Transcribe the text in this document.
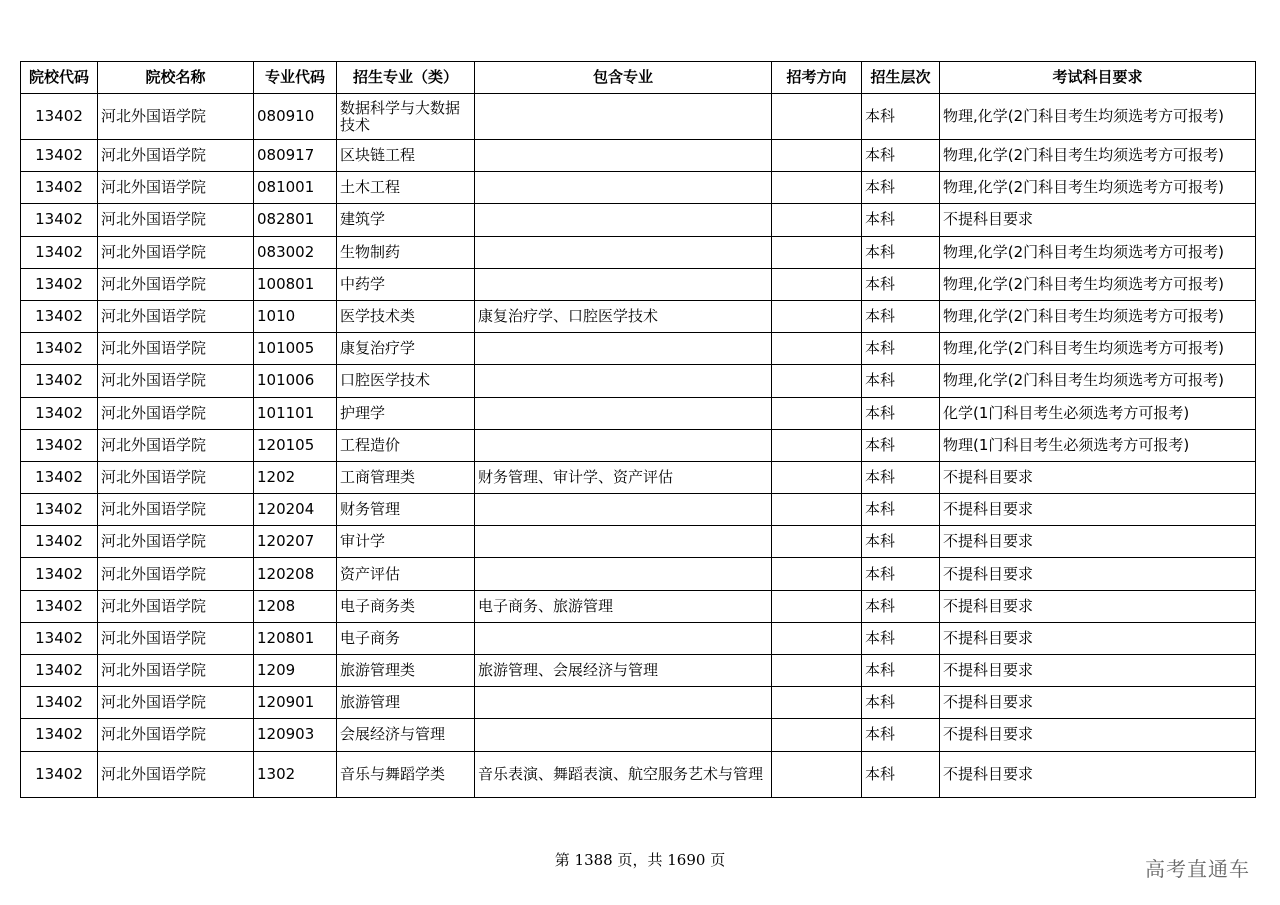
院校代码	院校名称	专业代码	招生专业（类）	包含专业	招考方向	招生层次	考试科目要求
13402	河北外国语学院	080910	数据科学与大数据技术			本科	物理,化学(2门科目考生均须选考方可报考)
13402	河北外国语学院	080917	区块链工程			本科	物理,化学(2门科目考生均须选考方可报考)
13402	河北外国语学院	081001	土木工程			本科	物理,化学(2门科目考生均须选考方可报考)
13402	河北外国语学院	082801	建筑学			本科	不提科目要求
13402	河北外国语学院	083002	生物制药			本科	物理,化学(2门科目考生均须选考方可报考)
13402	河北外国语学院	100801	中药学			本科	物理,化学(2门科目考生均须选考方可报考)
13402	河北外国语学院	1010	医学技术类	康复治疗学、口腔医学技术		本科	物理,化学(2门科目考生均须选考方可报考)
13402	河北外国语学院	101005	康复治疗学			本科	物理,化学(2门科目考生均须选考方可报考)
13402	河北外国语学院	101006	口腔医学技术			本科	物理,化学(2门科目考生均须选考方可报考)
13402	河北外国语学院	101101	护理学			本科	化学(1门科目考生必须选考方可报考)
13402	河北外国语学院	120105	工程造价			本科	物理(1门科目考生必须选考方可报考)
13402	河北外国语学院	1202	工商管理类	财务管理、审计学、资产评估		本科	不提科目要求
13402	河北外国语学院	120204	财务管理			本科	不提科目要求
13402	河北外国语学院	120207	审计学			本科	不提科目要求
13402	河北外国语学院	120208	资产评估			本科	不提科目要求
13402	河北外国语学院	1208	电子商务类	电子商务、旅游管理		本科	不提科目要求
13402	河北外国语学院	120801	电子商务			本科	不提科目要求
13402	河北外国语学院	1209	旅游管理类	旅游管理、会展经济与管理		本科	不提科目要求
13402	河北外国语学院	120901	旅游管理			本科	不提科目要求
13402	河北外国语学院	120903	会展经济与管理			本科	不提科目要求
13402	河北外国语学院	1302	音乐与舞蹈学类	音乐表演、舞蹈表演、航空服务艺术与管理		本科	不提科目要求
第 1388 页，共 1690 页	高考直通车
